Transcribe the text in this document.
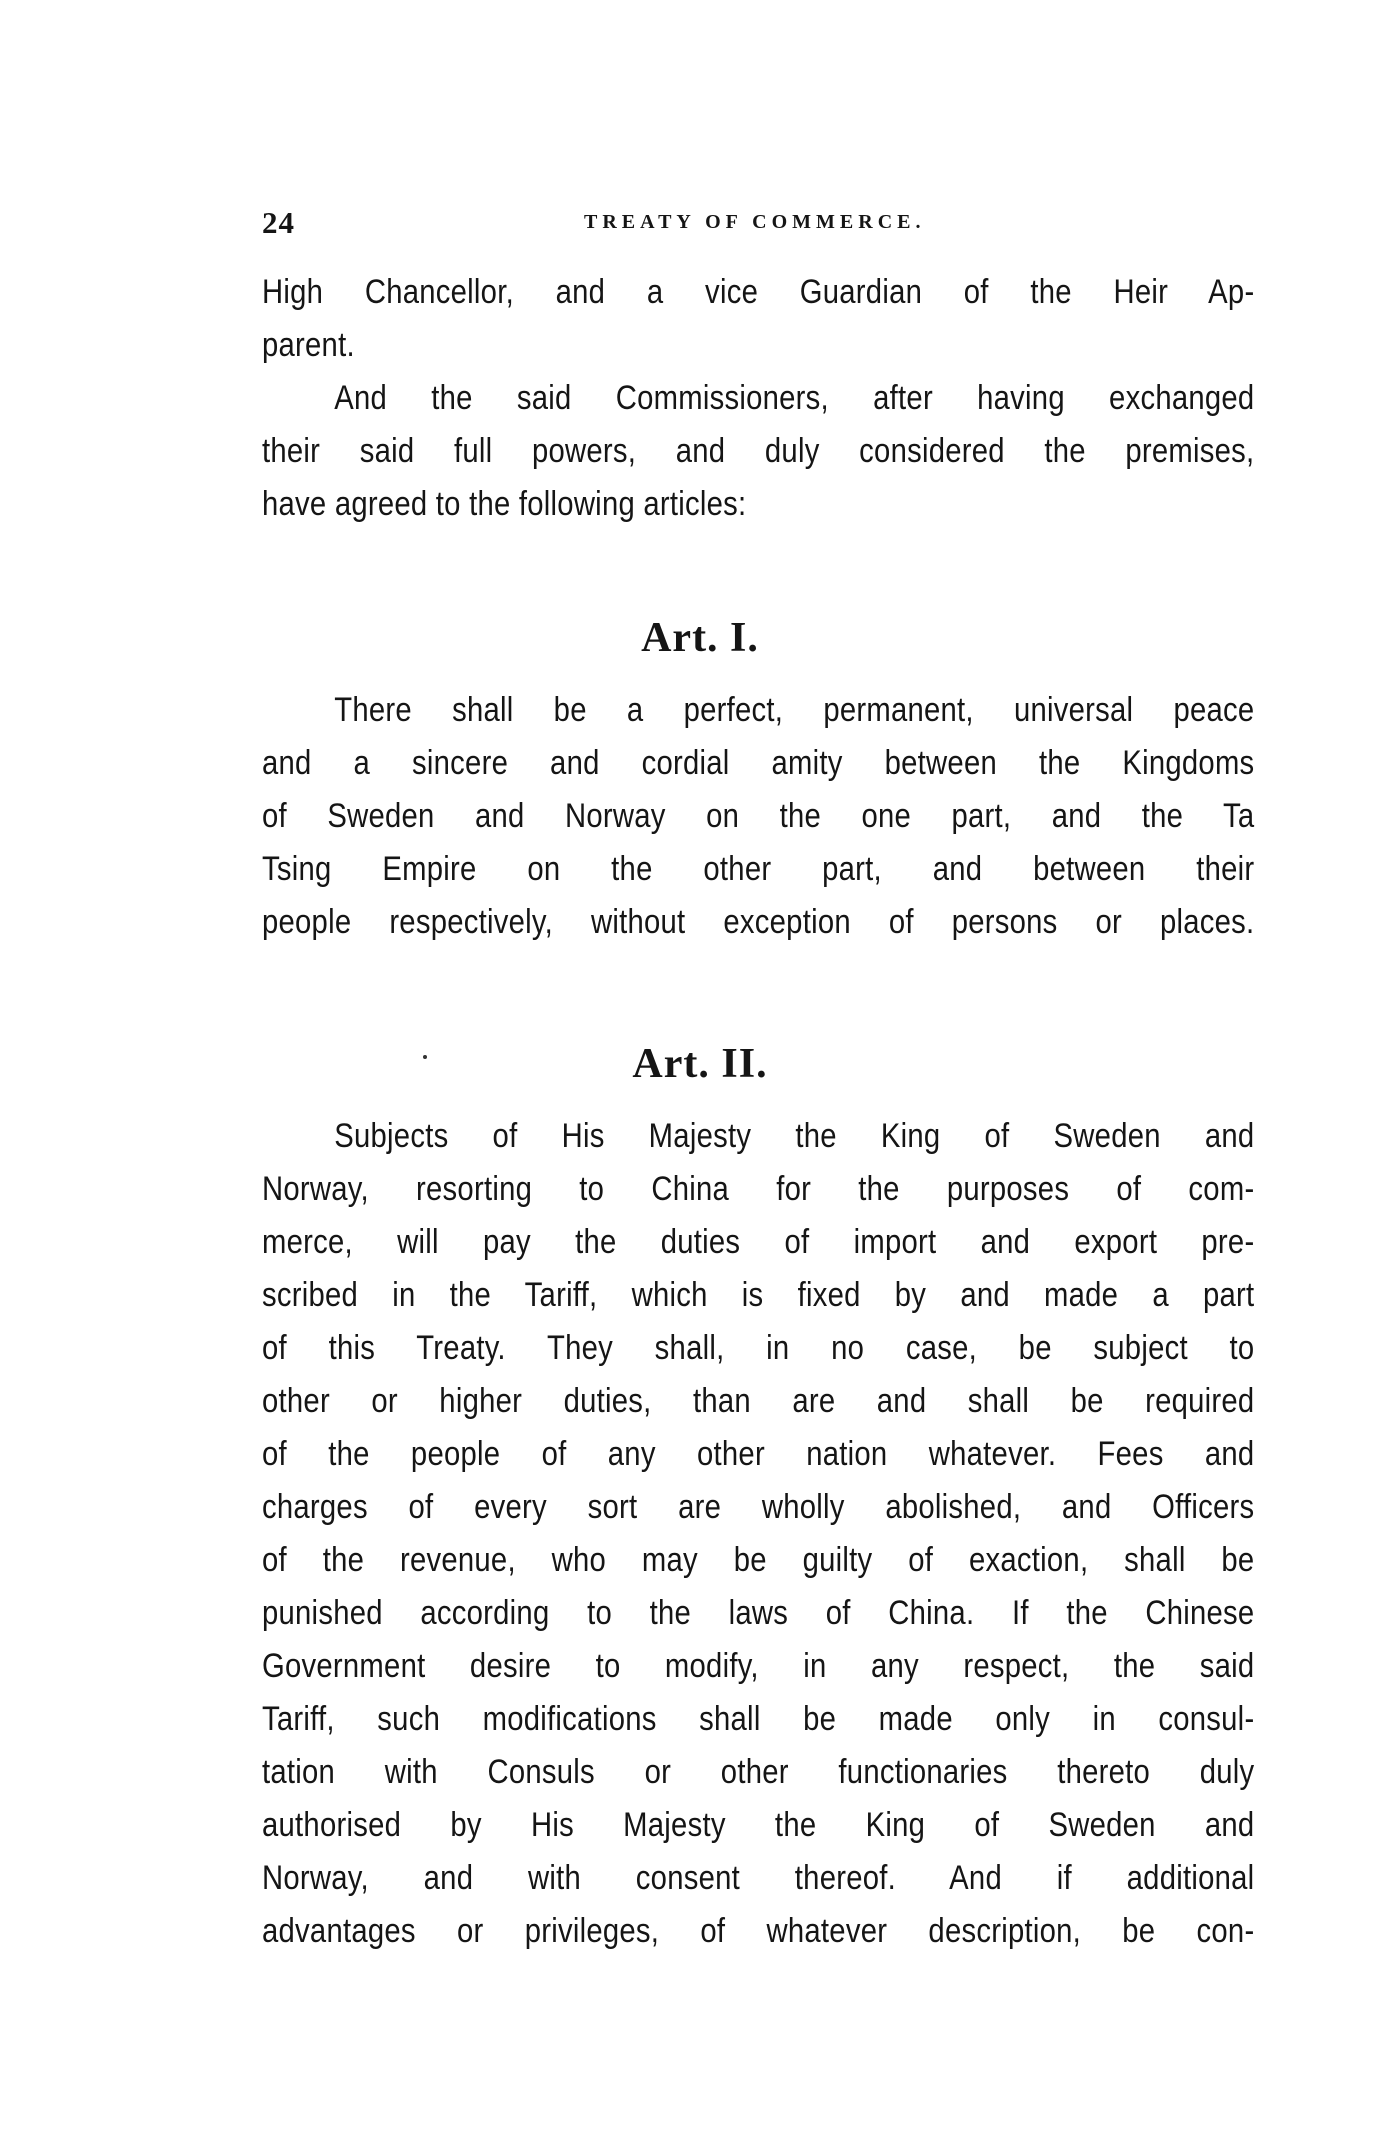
24	TREATY OF COMMERCE.
High Chancellor, and a vice Guardian of the Heir Ap-
parent.
And the said Commissioners, after having exchanged
their said full powers, and duly considered the premises,
have agreed to the following articles:
Art. I.
There shall be a perfect, permanent, universal peace
and a sincere and cordial amity between the Kingdoms
of Sweden and Norway on the one part, and the Ta
Tsing Empire on the other part, and between their
people respectively, without exception of persons or places.
Art. II.
Subjects of His Majesty the King of Sweden and
Norway, resorting to China for the purposes of com-
merce, will pay the duties of import and export pre-
scribed in the Tariff, which is fixed by and made a part
of this Treaty. They shall, in no case, be subject to
other or higher duties, than are and shall be required
of the people of any other nation whatever. Fees and
charges of every sort are wholly abolished, and Officers
of the revenue, who may be guilty of exaction, shall be
punished according to the laws of China. If the Chinese
Government desire to modify, in any respect, the said
Tariff, such modifications shall be made only in consul-
tation with Consuls or other functionaries thereto duly
authorised by His Majesty the King of Sweden and
Norway, and with consent thereof. And if additional
advantages or privileges, of whatever description, be con-
